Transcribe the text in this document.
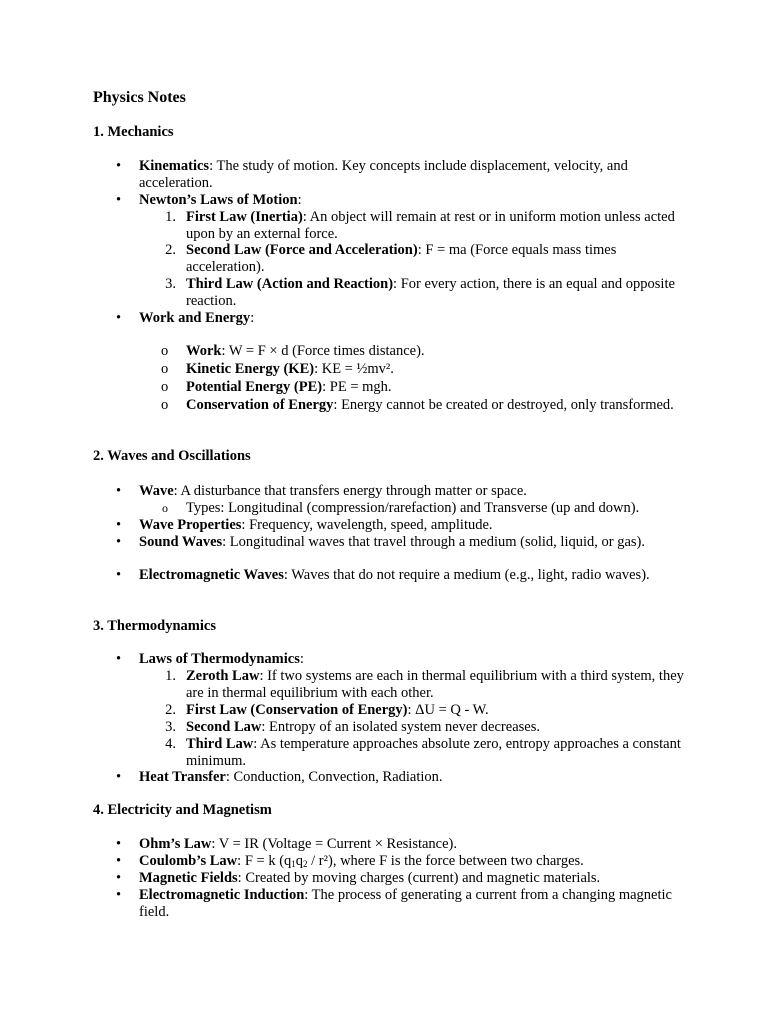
Physics Notes
1. Mechanics
• Kinematics: The study of motion. Key concepts include displacement, velocity, and acceleration.
• Newton’s Laws of Motion:
1. First Law (Inertia): An object will remain at rest or in uniform motion unless acted upon by an external force.
2. Second Law (Force and Acceleration): F = ma (Force equals mass times acceleration).
3. Third Law (Action and Reaction): For every action, there is an equal and opposite reaction.
• Work and Energy:
o Work: W = F × d (Force times distance).
o Kinetic Energy (KE): KE = ½mv².
o Potential Energy (PE): PE = mgh.
o Conservation of Energy: Energy cannot be created or destroyed, only transformed.
2. Waves and Oscillations
• Wave: A disturbance that transfers energy through matter or space.
o Types: Longitudinal (compression/rarefaction) and Transverse (up and down).
• Wave Properties: Frequency, wavelength, speed, amplitude.
• Sound Waves: Longitudinal waves that travel through a medium (solid, liquid, or gas).
• Electromagnetic Waves: Waves that do not require a medium (e.g., light, radio waves).
3. Thermodynamics
• Laws of Thermodynamics:
1. Zeroth Law: If two systems are each in thermal equilibrium with a third system, they are in thermal equilibrium with each other.
2. First Law (Conservation of Energy): ΔU = Q - W.
3. Second Law: Entropy of an isolated system never decreases.
4. Third Law: As temperature approaches absolute zero, entropy approaches a constant minimum.
• Heat Transfer: Conduction, Convection, Radiation.
4. Electricity and Magnetism
• Ohm’s Law: V = IR (Voltage = Current × Resistance).
• Coulomb’s Law: F = k $(q_1q_2 / r^2)$, where F is the force between two charges.
• Magnetic Fields: Created by moving charges (current) and magnetic materials.
• Electromagnetic Induction: The process of generating a current from a changing magnetic field.
